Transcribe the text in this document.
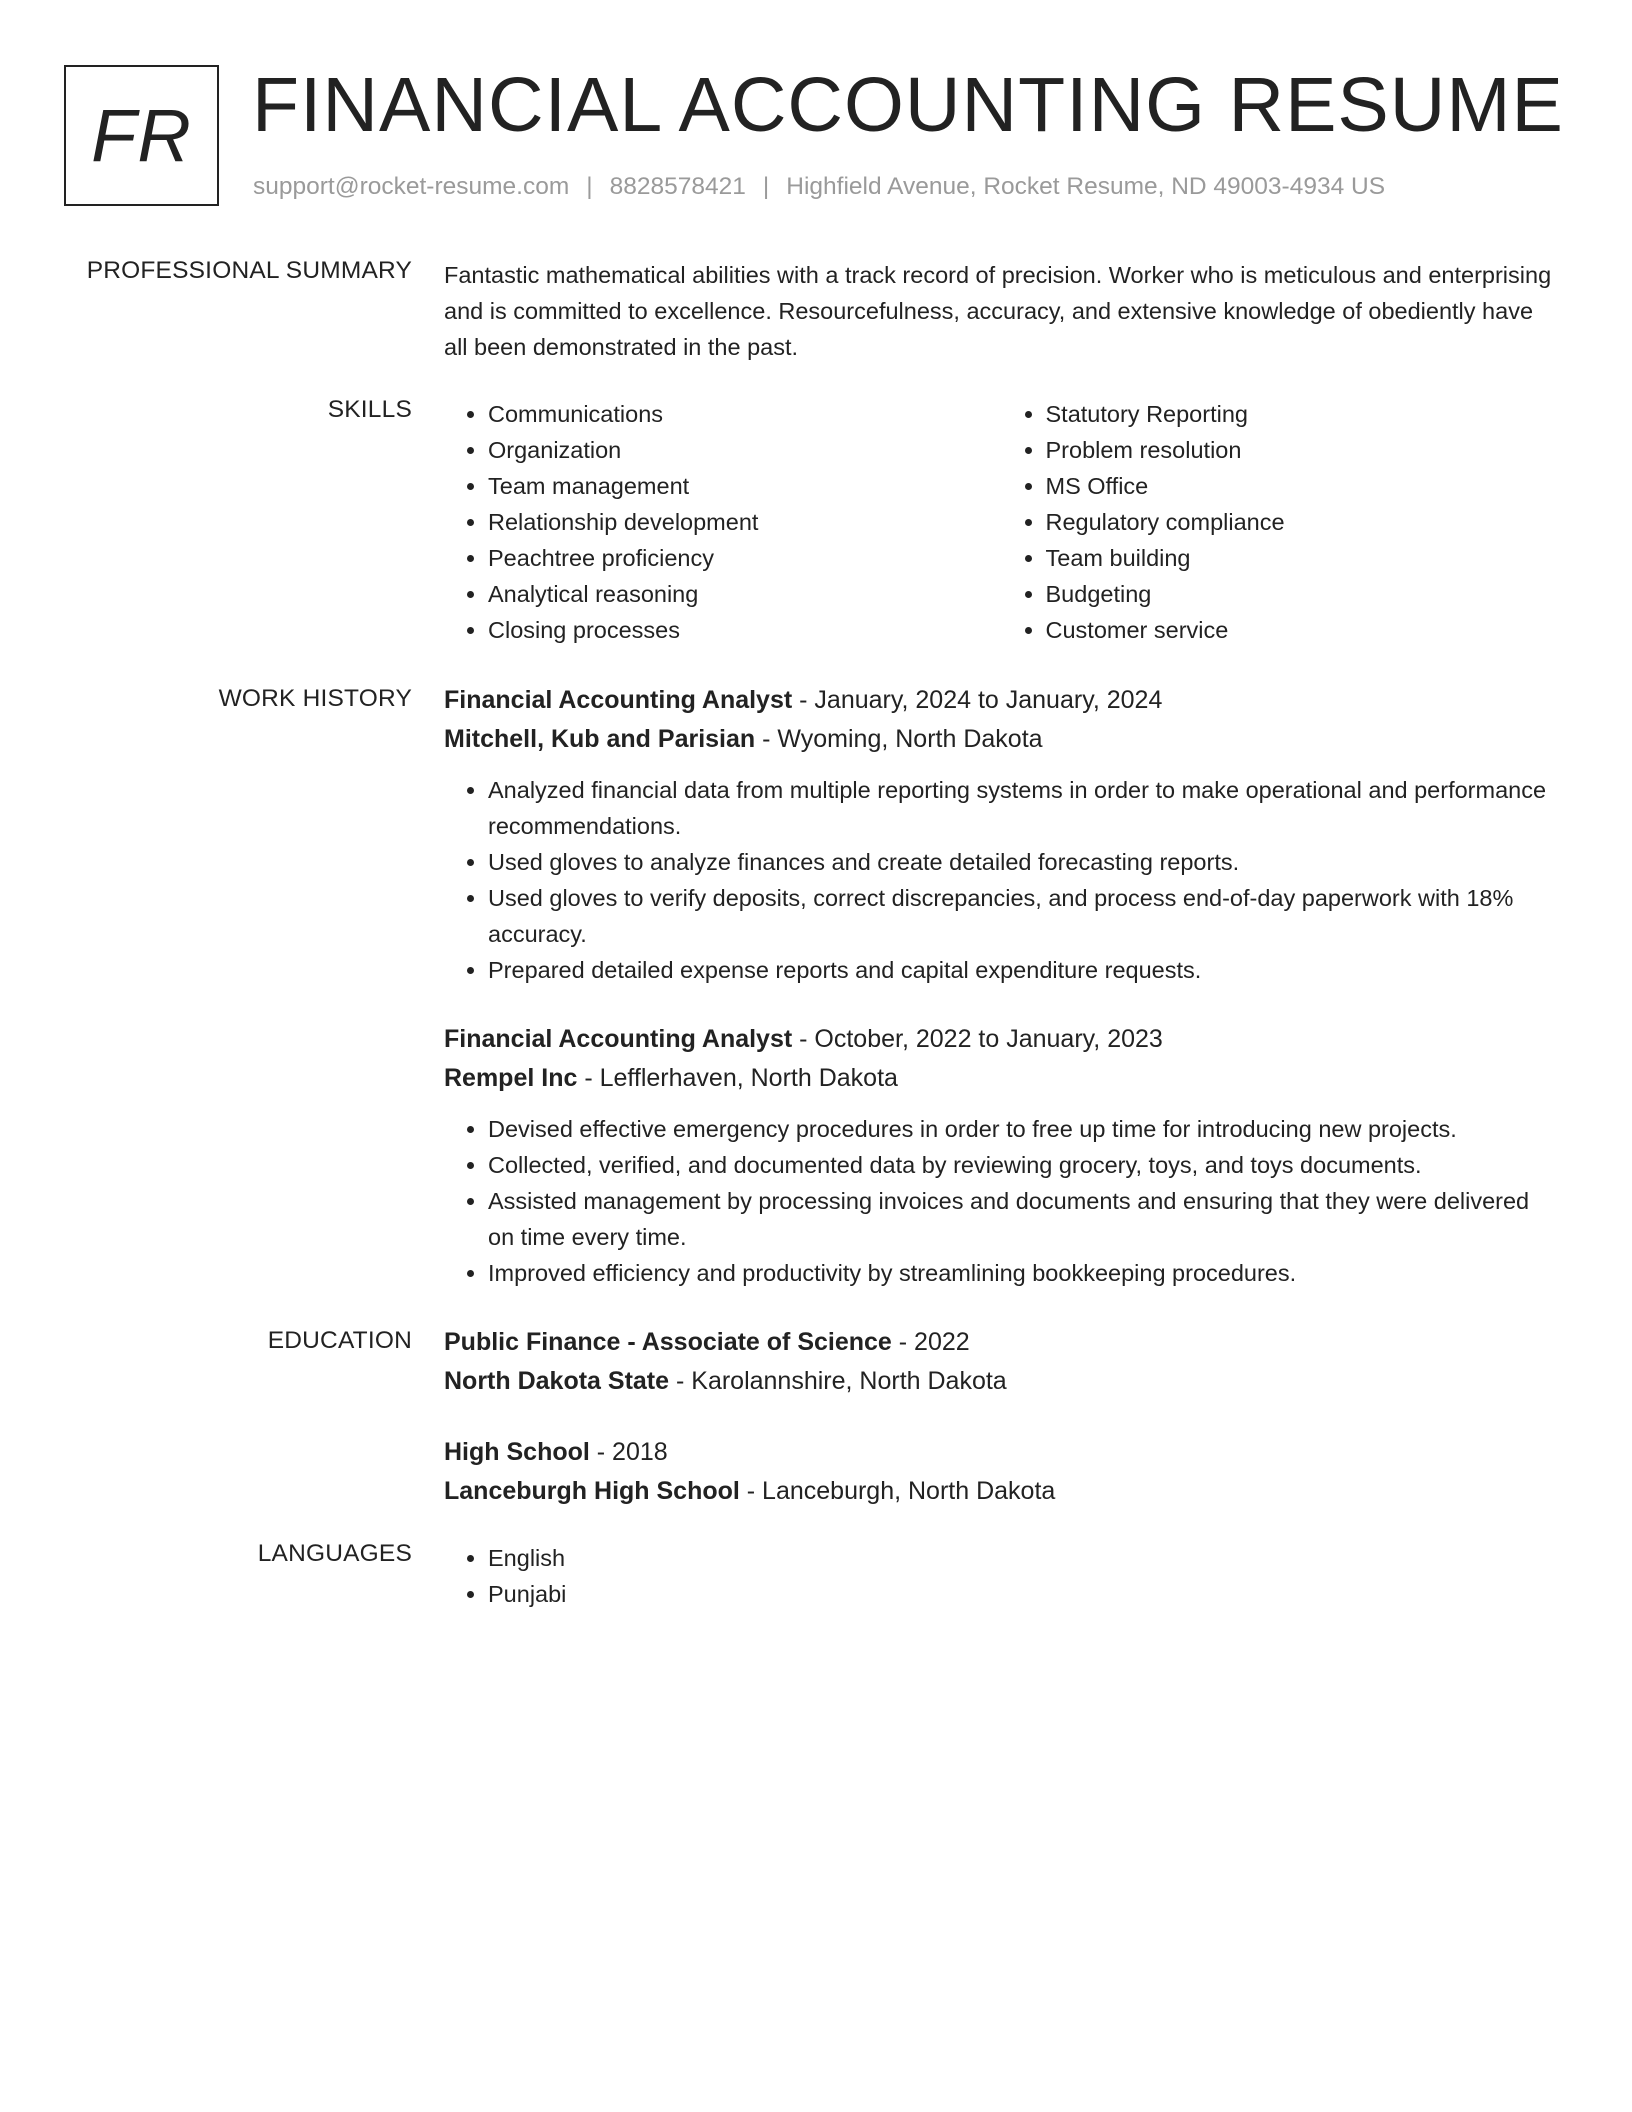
FR FINANCIAL ACCOUNTING RESUME
support@rocket-resume.com | 8828578421 | Highfield Avenue, Rocket Resume, ND 49003-4934 US
PROFESSIONAL SUMMARY Fantastic mathematical abilities with a track record of precision. Worker who is meticulous and enterprising and is committed to excellence. Resourcefulness, accuracy, and extensive knowledge of obediently have all been demonstrated in the past.

SKILLS	• Communications
• Organization
• Team management
• Relationship development
• Peachtree proficiency
• Analytical reasoning
• Closing processes
• Statutory Reporting
• Problem resolution
• MS Office
• Regulatory compliance
• Team building
• Budgeting
• Customer service
WORK HISTORY Financial Accounting Analyst - January, 2024 to January, 2024
Mitchell, Kub and Parisian - Wyoming, North Dakota
• Analyzed financial data from multiple reporting systems in order to make operational and performance recommendations.
• Used gloves to analyze finances and create detailed forecasting reports.
• Used gloves to verify deposits, correct discrepancies, and process end-of-day paperwork with 18% accuracy.
• Prepared detailed expense reports and capital expenditure requests.
Financial Accounting Analyst - October, 2022 to January, 2023
Rempel Inc - Lefflerhaven, North Dakota
• Devised effective emergency procedures in order to free up time for introducing new projects.
• Collected, verified, and documented data by reviewing grocery, toys, and toys documents.
• Assisted management by processing invoices and documents and ensuring that they were delivered on time every time.
• Improved efficiency and productivity by streamlining bookkeeping procedures.
EDUCATION Public Finance - Associate of Science - 2022
North Dakota State - Karolannshire, North Dakota
High School - 2018
Lanceburgh High School - Lanceburgh, North Dakota
LANGUAGES	• English
• Punjabi
